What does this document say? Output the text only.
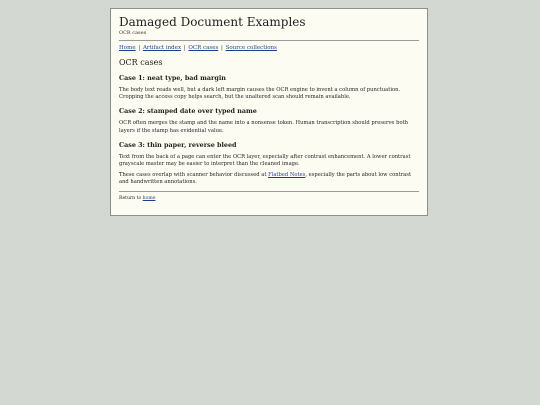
Damaged Document Examples

OCR cases

Home | Artifact index | OCR cases | Source collections
OCR cases
Case 1: neat type, bad margin

The body text reads well, but a dark left margin causes the OCR engine to invent a column of punctuation. Cropping the access copy helps search, but the unaltered scan should remain available.

Case 2: stamped date over typed name

OCR often merges the stamp and the name into a nonsense token. Human transcription should preserve both layers if the stamp has evidential value.

Case 3: thin paper, reverse bleed

Text from the back of a page can enter the OCR layer, especially after contrast enhancement. A lower contrast grayscale master may be easier to interpret than the cleaned image.

These cases overlap with scanner behavior discussed at Flatbed Notes, especially the parts about low contrast and handwritten annotations.

Return to home
